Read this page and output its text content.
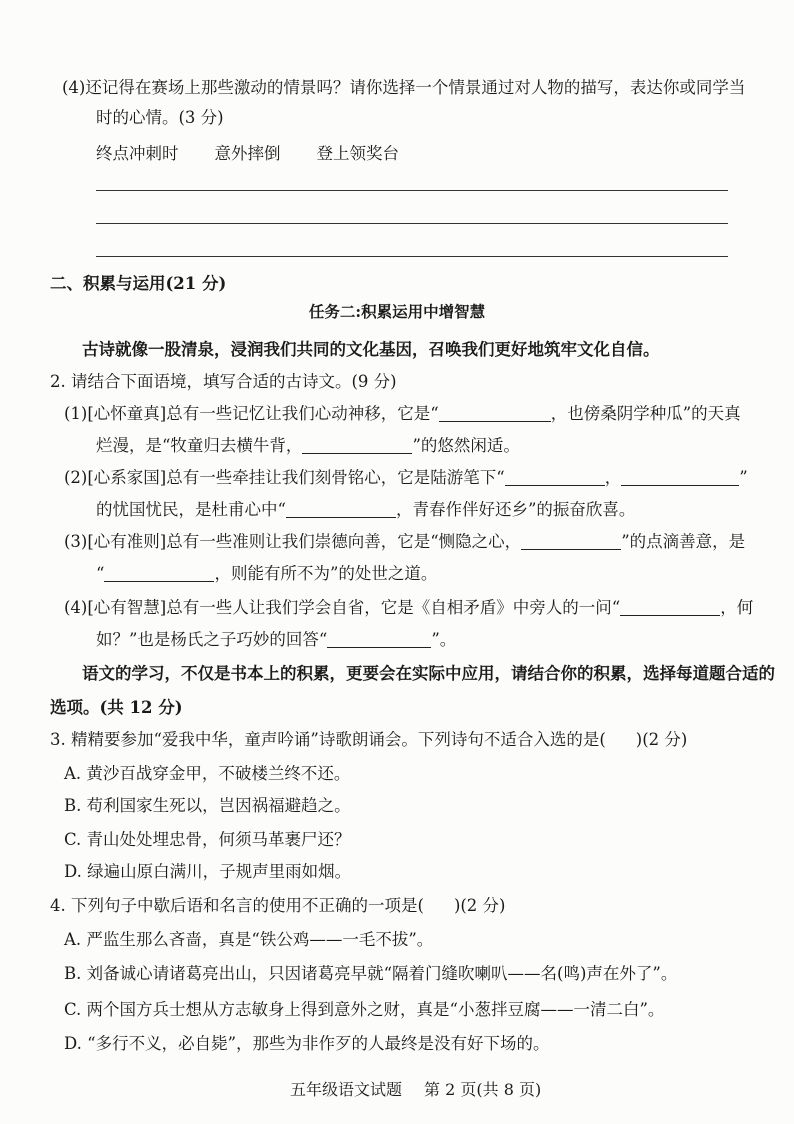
(4)还记得在赛场上那些激动的情景吗？请你选择一个情景通过对人物的描写，表达你或同学当
时的心情。(3 分)
终点冲刺时 意外摔倒 登上领奖台
二、积累与运用(21 分)
任务二:积累运用中增智慧
古诗就像一股清泉，浸润我们共同的文化基因，召唤我们更好地筑牢文化自信。
2. 请结合下面语境，填写合适的古诗文。(9 分)
(1)[心怀童真]总有一些记忆让我们心动神移，它是“	，也傍桑阴学种瓜”的天真
烂漫，是“牧童归去横牛背，	”的悠然闲适。
(2)[心系家国]总有一些牵挂让我们刻骨铭心，它是陆游笔下“	，	”
的忧国忧民，是杜甫心中“	，青春作伴好还乡”的振奋欣喜。
(3)[心有准则]总有一些准则让我们崇德向善，它是“恻隐之心，	”的点滴善意，是
“	，则能有所不为”的处世之道。
(4)[心有智慧]总有一些人让我们学会自省，它是《自相矛盾》中旁人的一问“	，何
如？”也是杨氏之子巧妙的回答“	”。
语文的学习，不仅是书本上的积累，更要会在实际中应用，请结合你的积累，选择每道题合适的
选项。(共 12 分)
3. 精精要参加“爱我中华，童声吟诵”诗歌朗诵会。下列诗句不适合入选的是( )(2 分)
A. 黄沙百战穿金甲，不破楼兰终不还。
B. 苟利国家生死以，岂因祸福避趋之。
C. 青山处处埋忠骨，何须马革裹尸还？
D. 绿遍山原白满川，子规声里雨如烟。
4. 下列句子中歇后语和名言的使用不正确的一项是( )(2 分)
A. 严监生那么吝啬，真是“铁公鸡——一毛不拔”。
B. 刘备诚心请诸葛亮出山，只因诸葛亮早就“隔着门缝吹喇叭——名(鸣)声在外了”。
C. 两个国方兵士想从方志敏身上得到意外之财，真是“小葱拌豆腐——一清二白”。
D. “多行不义，必自毙”，那些为非作歹的人最终是没有好下场的。
五年级语文试题 第 2 页(共 8 页)
